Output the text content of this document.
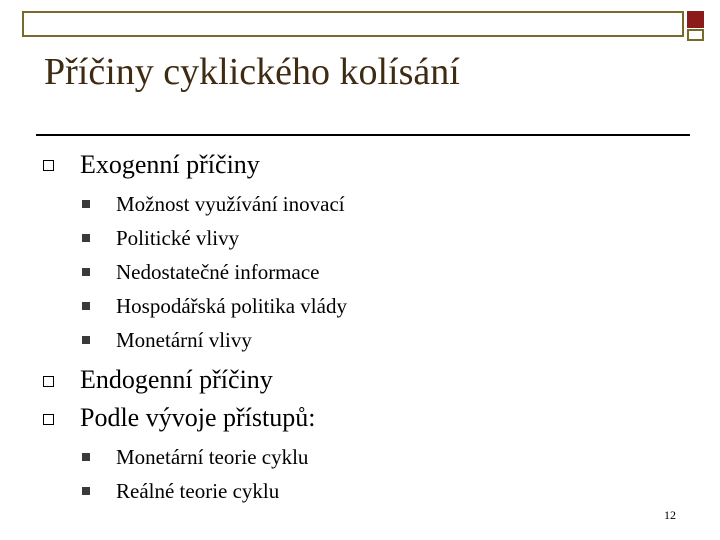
Příčiny cyklického kolísání
Exogenní příčiny
Možnost využívání inovací
Politické vlivy
Nedostatečné informace
Hospodářská politika vlády
Monetární vlivy
Endogenní příčiny
Podle vývoje přístupů:
Monetární teorie cyklu
Reálné teorie cyklu
12
